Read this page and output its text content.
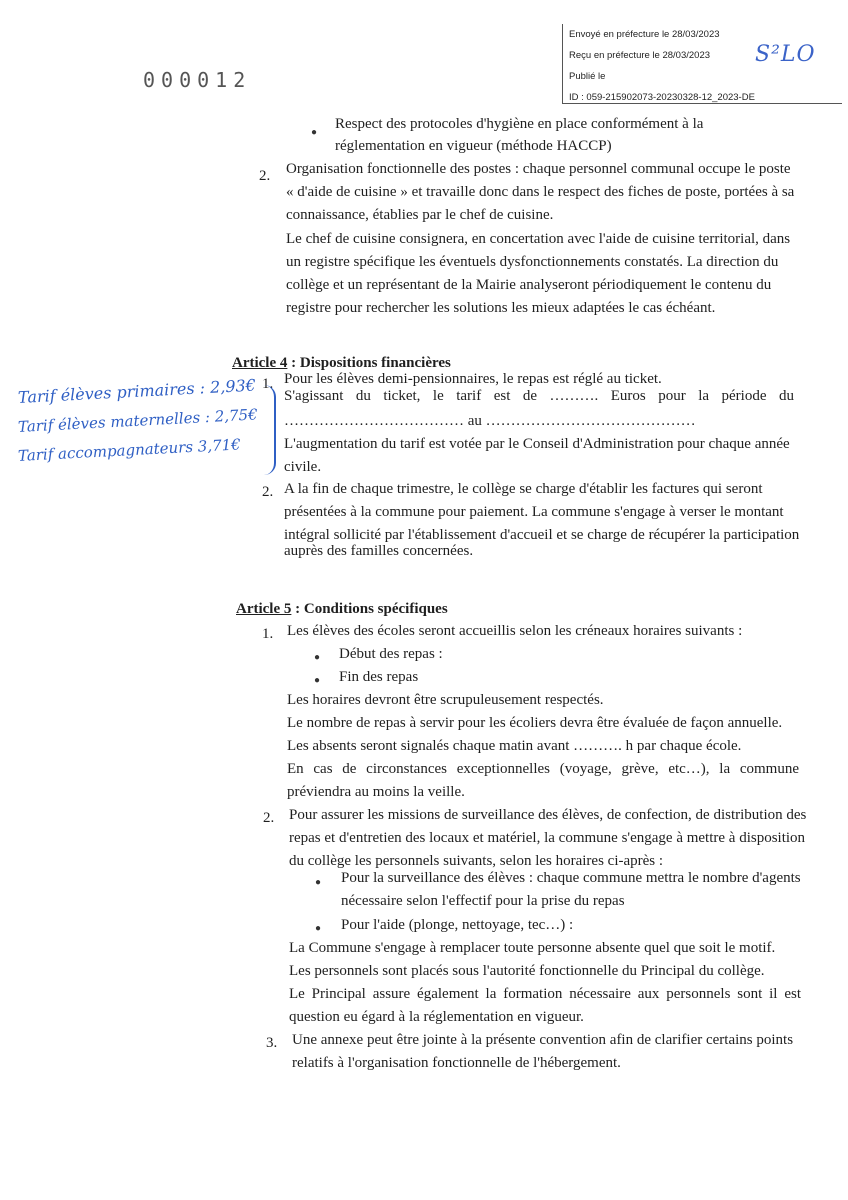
Envoyé en préfecture le 28/03/2023
Reçu en préfecture le 28/03/2023
Publié le
ID : 059-215902073-20230328-12_2023-DE
S²LO
000012
●
Respect des protocoles d'hygiène en place conformément à la
réglementation en vigueur (méthode HACCP)
2. Organisation fonctionnelle des postes : chaque personnel communal occupe le poste
« d'aide de cuisine » et travaille donc dans le respect des fiches de poste, portées à sa
connaissance, établies par le chef de cuisine.
Le chef de cuisine consignera, en concertation avec l'aide de cuisine territorial, dans
un registre spécifique les éventuels dysfonctionnements constatés. La direction du
collège et un représentant de la Mairie analyseront périodiquement le contenu du
registre pour rechercher les solutions les mieux adaptées le cas échéant.
Article 4 : Dispositions financières
1. Pour les élèves demi-pensionnaires, le repas est réglé au ticket.
S'agissant du ticket, le tarif est de ………. Euros pour la période du
……………………………… au ……………………………………
L'augmentation du tarif est votée par le Conseil d'Administration pour chaque année
civile.
2. A la fin de chaque trimestre, le collège se charge d'établir les factures qui seront
présentées à la commune pour paiement. La commune s'engage à verser le montant
intégral sollicité par l'établissement d'accueil et se charge de récupérer la participation
auprès des familles concernées.
Tarif élèves primaires : 2,93€
Tarif élèves maternelles : 2,75€
Tarif accompagnateurs 3,71€
Article 5 : Conditions spécifiques
1. Les élèves des écoles seront accueillis selon les créneaux horaires suivants :
● Début des repas :
● Fin des repas
Les horaires devront être scrupuleusement respectés.
Le nombre de repas à servir pour les écoliers devra être évaluée de façon annuelle.
Les absents seront signalés chaque matin avant ………. h par chaque école.
En cas de circonstances exceptionnelles (voyage, grève, etc…), la commune
préviendra au moins la veille.
2. Pour assurer les missions de surveillance des élèves, de confection, de distribution des
repas et d'entretien des locaux et matériel, la commune s'engage à mettre à disposition
du collège les personnels suivants, selon les horaires ci-après :
● Pour la surveillance des élèves : chaque commune mettra le nombre d'agents
nécessaire selon l'effectif pour la prise du repas
● Pour l'aide (plonge, nettoyage, tec…) :
La Commune s'engage à remplacer toute personne absente quel que soit le motif.
Les personnels sont placés sous l'autorité fonctionnelle du Principal du collège.
Le Principal assure également la formation nécessaire aux personnels sont il est
question eu égard à la réglementation en vigueur.
3. Une annexe peut être jointe à la présente convention afin de clarifier certains points
relatifs à l'organisation fonctionnelle de l'hébergement.
